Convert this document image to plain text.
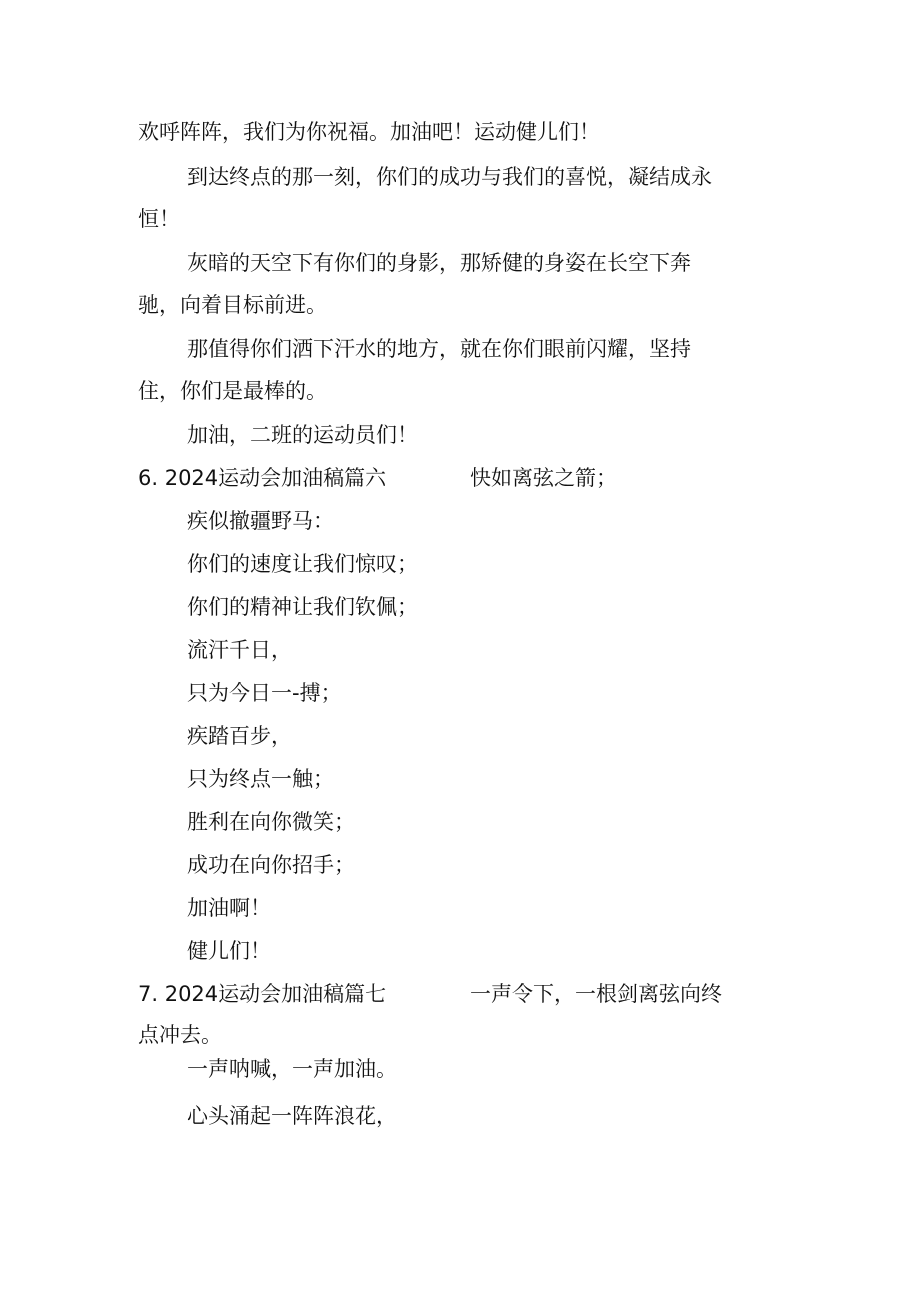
欢呼阵阵，我们为你祝福。加油吧！运动健儿们！
到达终点的那一刻，你们的成功与我们的喜悦，凝结成永
恒！
灰暗的天空下有你们的身影，那矫健的身姿在长空下奔
驰，向着目标前进。
那值得你们洒下汗水的地方，就在你们眼前闪耀，坚持
住，你们是最棒的。
加油，二班的运动员们！
6. 2024运动会加油稿篇六	快如离弦之箭；
疾似撤疆野马：
你们的速度让我们惊叹；
你们的精神让我们钦佩；
流汗千日，
只为今日一-搏；
疾踏百步，
只为终点一触；
胜利在向你微笑；
成功在向你招手；
加油啊！
健儿们！
7. 2024运动会加油稿篇七	一声令下，一根剑离弦向终
点冲去。
一声呐喊，一声加油。
心头涌起一阵阵浪花，
